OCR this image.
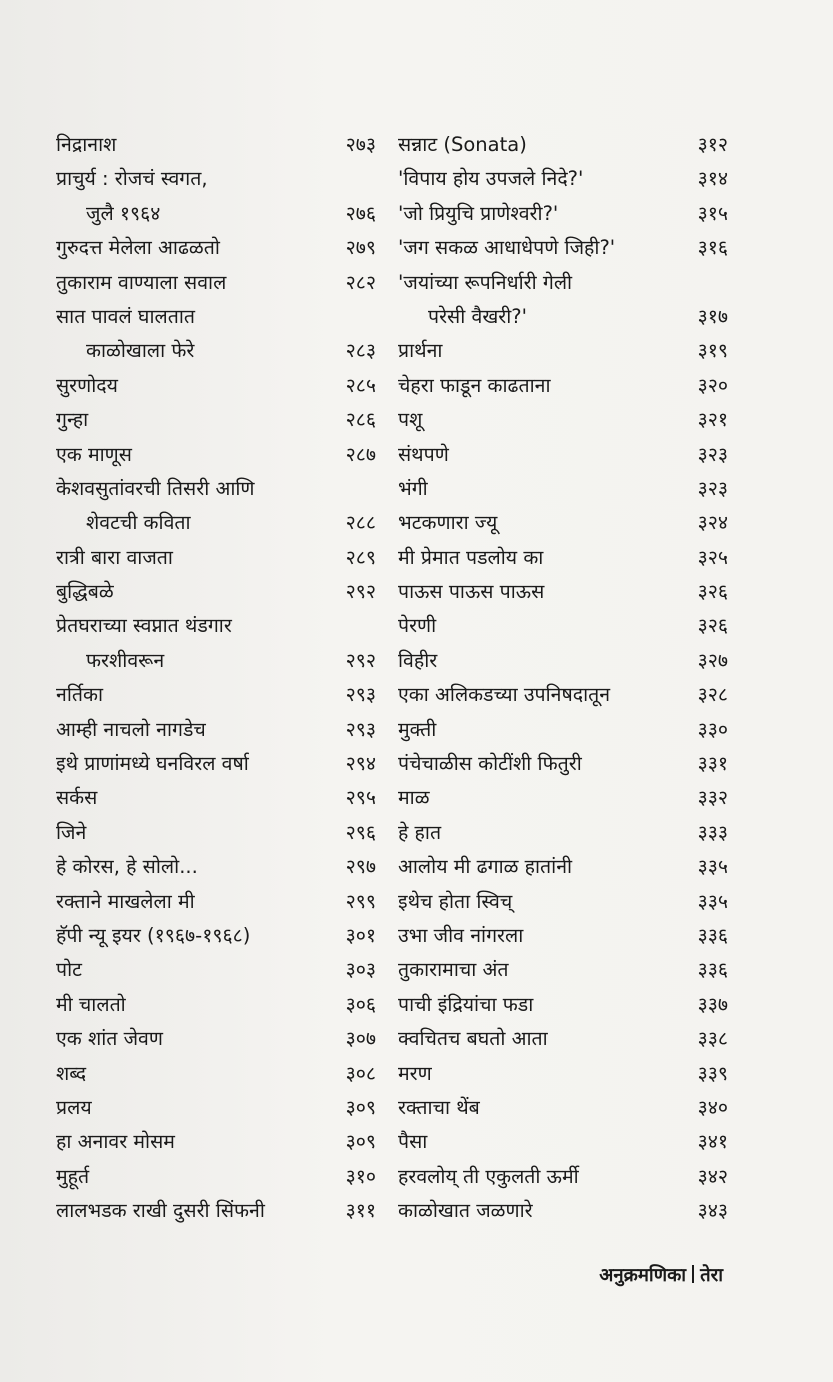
निद्रानाश	२७३
प्राचुर्य : रोजचं स्वगत,
जुलै १९६४	२७६
गुरुदत्त मेलेला आढळतो	२७९
तुकाराम वाण्याला सवाल	२८२
सात पावलं घालतात
काळोखाला फेरे	२८३
सुरणोदय	२८५
गुन्हा	२८६
एक माणूस	२८७
केशवसुतांवरची तिसरी आणि
शेवटची कविता	२८८
रात्री बारा वाजता	२८९
बुद्धिबळे	२९२
प्रेतघराच्या स्वप्नात थंडगार
फरशीवरून	२९२
नर्तिका	२९३
आम्ही नाचलो नागडेच	२९३
इथे प्राणांमध्ये घनविरल वर्षा	२९४
सर्कस	२९५
जिने	२९६
हे कोरस, हे सोलो...	२९७
रक्ताने माखलेला मी	२९९
हॅपी न्यू इयर (१९६७-१९६८)	३०१
पोट	३०३
मी चालतो	३०६
एक शांत जेवण	३०७
शब्द	३०८
प्रलय	३०९
हा अनावर मोसम	३०९
मुहूर्त	३१०
लालभडक राखी दुसरी सिंफनी	३११
सन्नाट (Sonata)	३१२
'विपाय होय उपजले निदे?'	३१४
'जो प्रियुचि प्राणेश्वरी?'	३१५
'जग सकळ आधाधेपणे जिही?'	३१६
'जयांच्या रूपनिर्धारी गेली
परेसी वैखरी?'	३१७
प्रार्थना	३१९
चेहरा फाडून काढताना	३२०
पशू	३२१
संथपणे	३२३
भंगी	३२३
भटकणारा ज्यू	३२४
मी प्रेमात पडलोय का	३२५
पाऊस पाऊस पाऊस	३२६
पेरणी	३२६
विहीर	३२७
एका अलिकडच्या उपनिषदातून	३२८
मुक्ती	३३०
पंचेचाळीस कोटींशी फितुरी	३३१
माळ	३३२
हे हात	३३३
आलोय मी ढगाळ हातांनी	३३५
इथेच होता स्विच्	३३५
उभा जीव नांगरला	३३६
तुकारामाचा अंत	३३६
पाची इंद्रियांचा फडा	३३७
क्वचितच बघतो आता	३३८
मरण	३३९
रक्ताचा थेंब	३४०
पैसा	३४१
हरवलोय् ती एकुलती ऊर्मी	३४२
काळोखात जळणारे	३४३
अनुक्रमणिका तेरा
